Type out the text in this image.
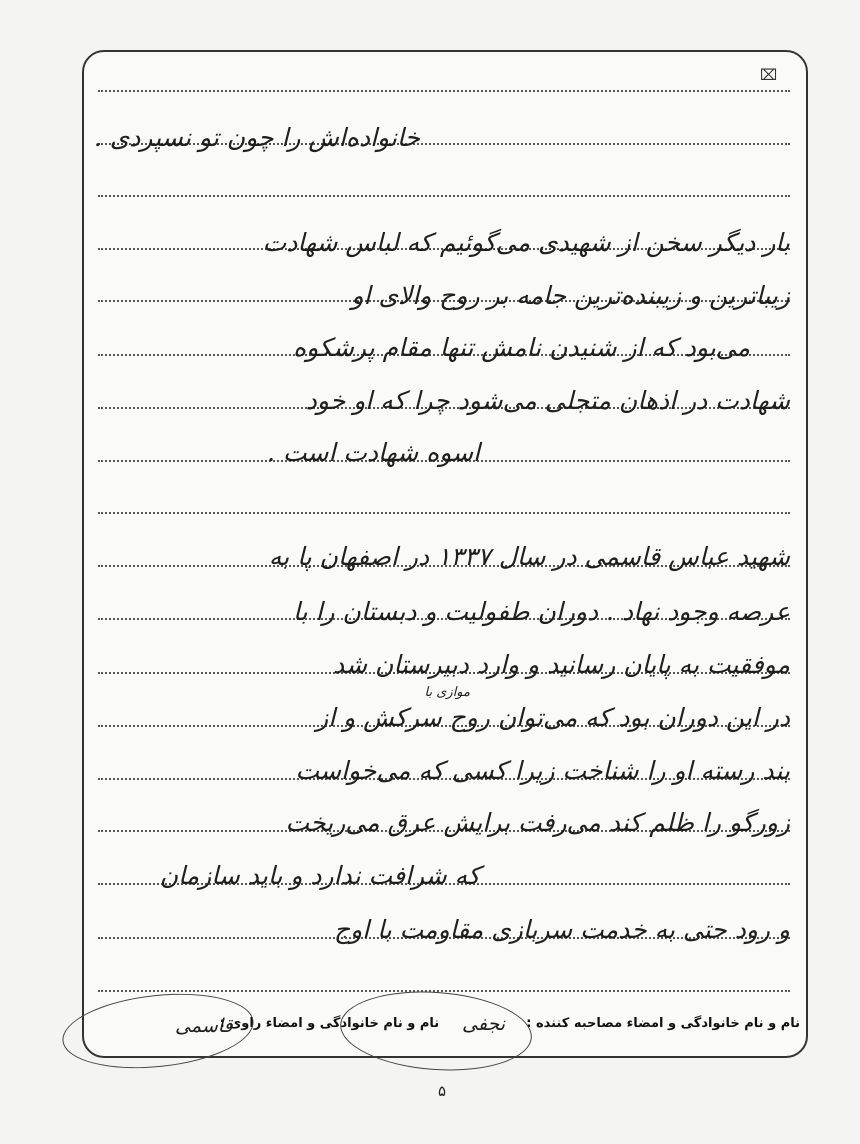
⌧
خانواده‌اش را چون تو نسپردی .
بار دیگر سخن از شهیدی می‌گوئیم که لباس شهادت
زیباترین و زیبنده‌ترین جامه بر روح والای او
می‌بود که از شنیدن نامش تنها مقام پرشکوه
شهادت در اذهان متجلی می‌شود چرا که او خود
اسوه شهادت است .
شهید عباس قاسمی در سال ۱۳۳۷ در اصفهان پا به
عرصه وجود نهاد . دوران طفولیت و دبستان را با
موفقیت به پایان رسانید و وارد دبیرستان شد
موازی با
در این دوران بود که می‌توان روح سرکش و از
بند رسته او را شناخت زیرا کسی که می‌خواست
زورگو را ظلم کند می‌رفت برایش عرق می‌ریخت
که شرافت ندارد و باید سازمان
و رود حتی به خدمت سربازی مقاومت با اوج
نام و نام خانوادگی و امضاء مصاحبه کننده :  نام و نام خانوادگی و امضاء راوی :
قاسمی	نجفی
۵
